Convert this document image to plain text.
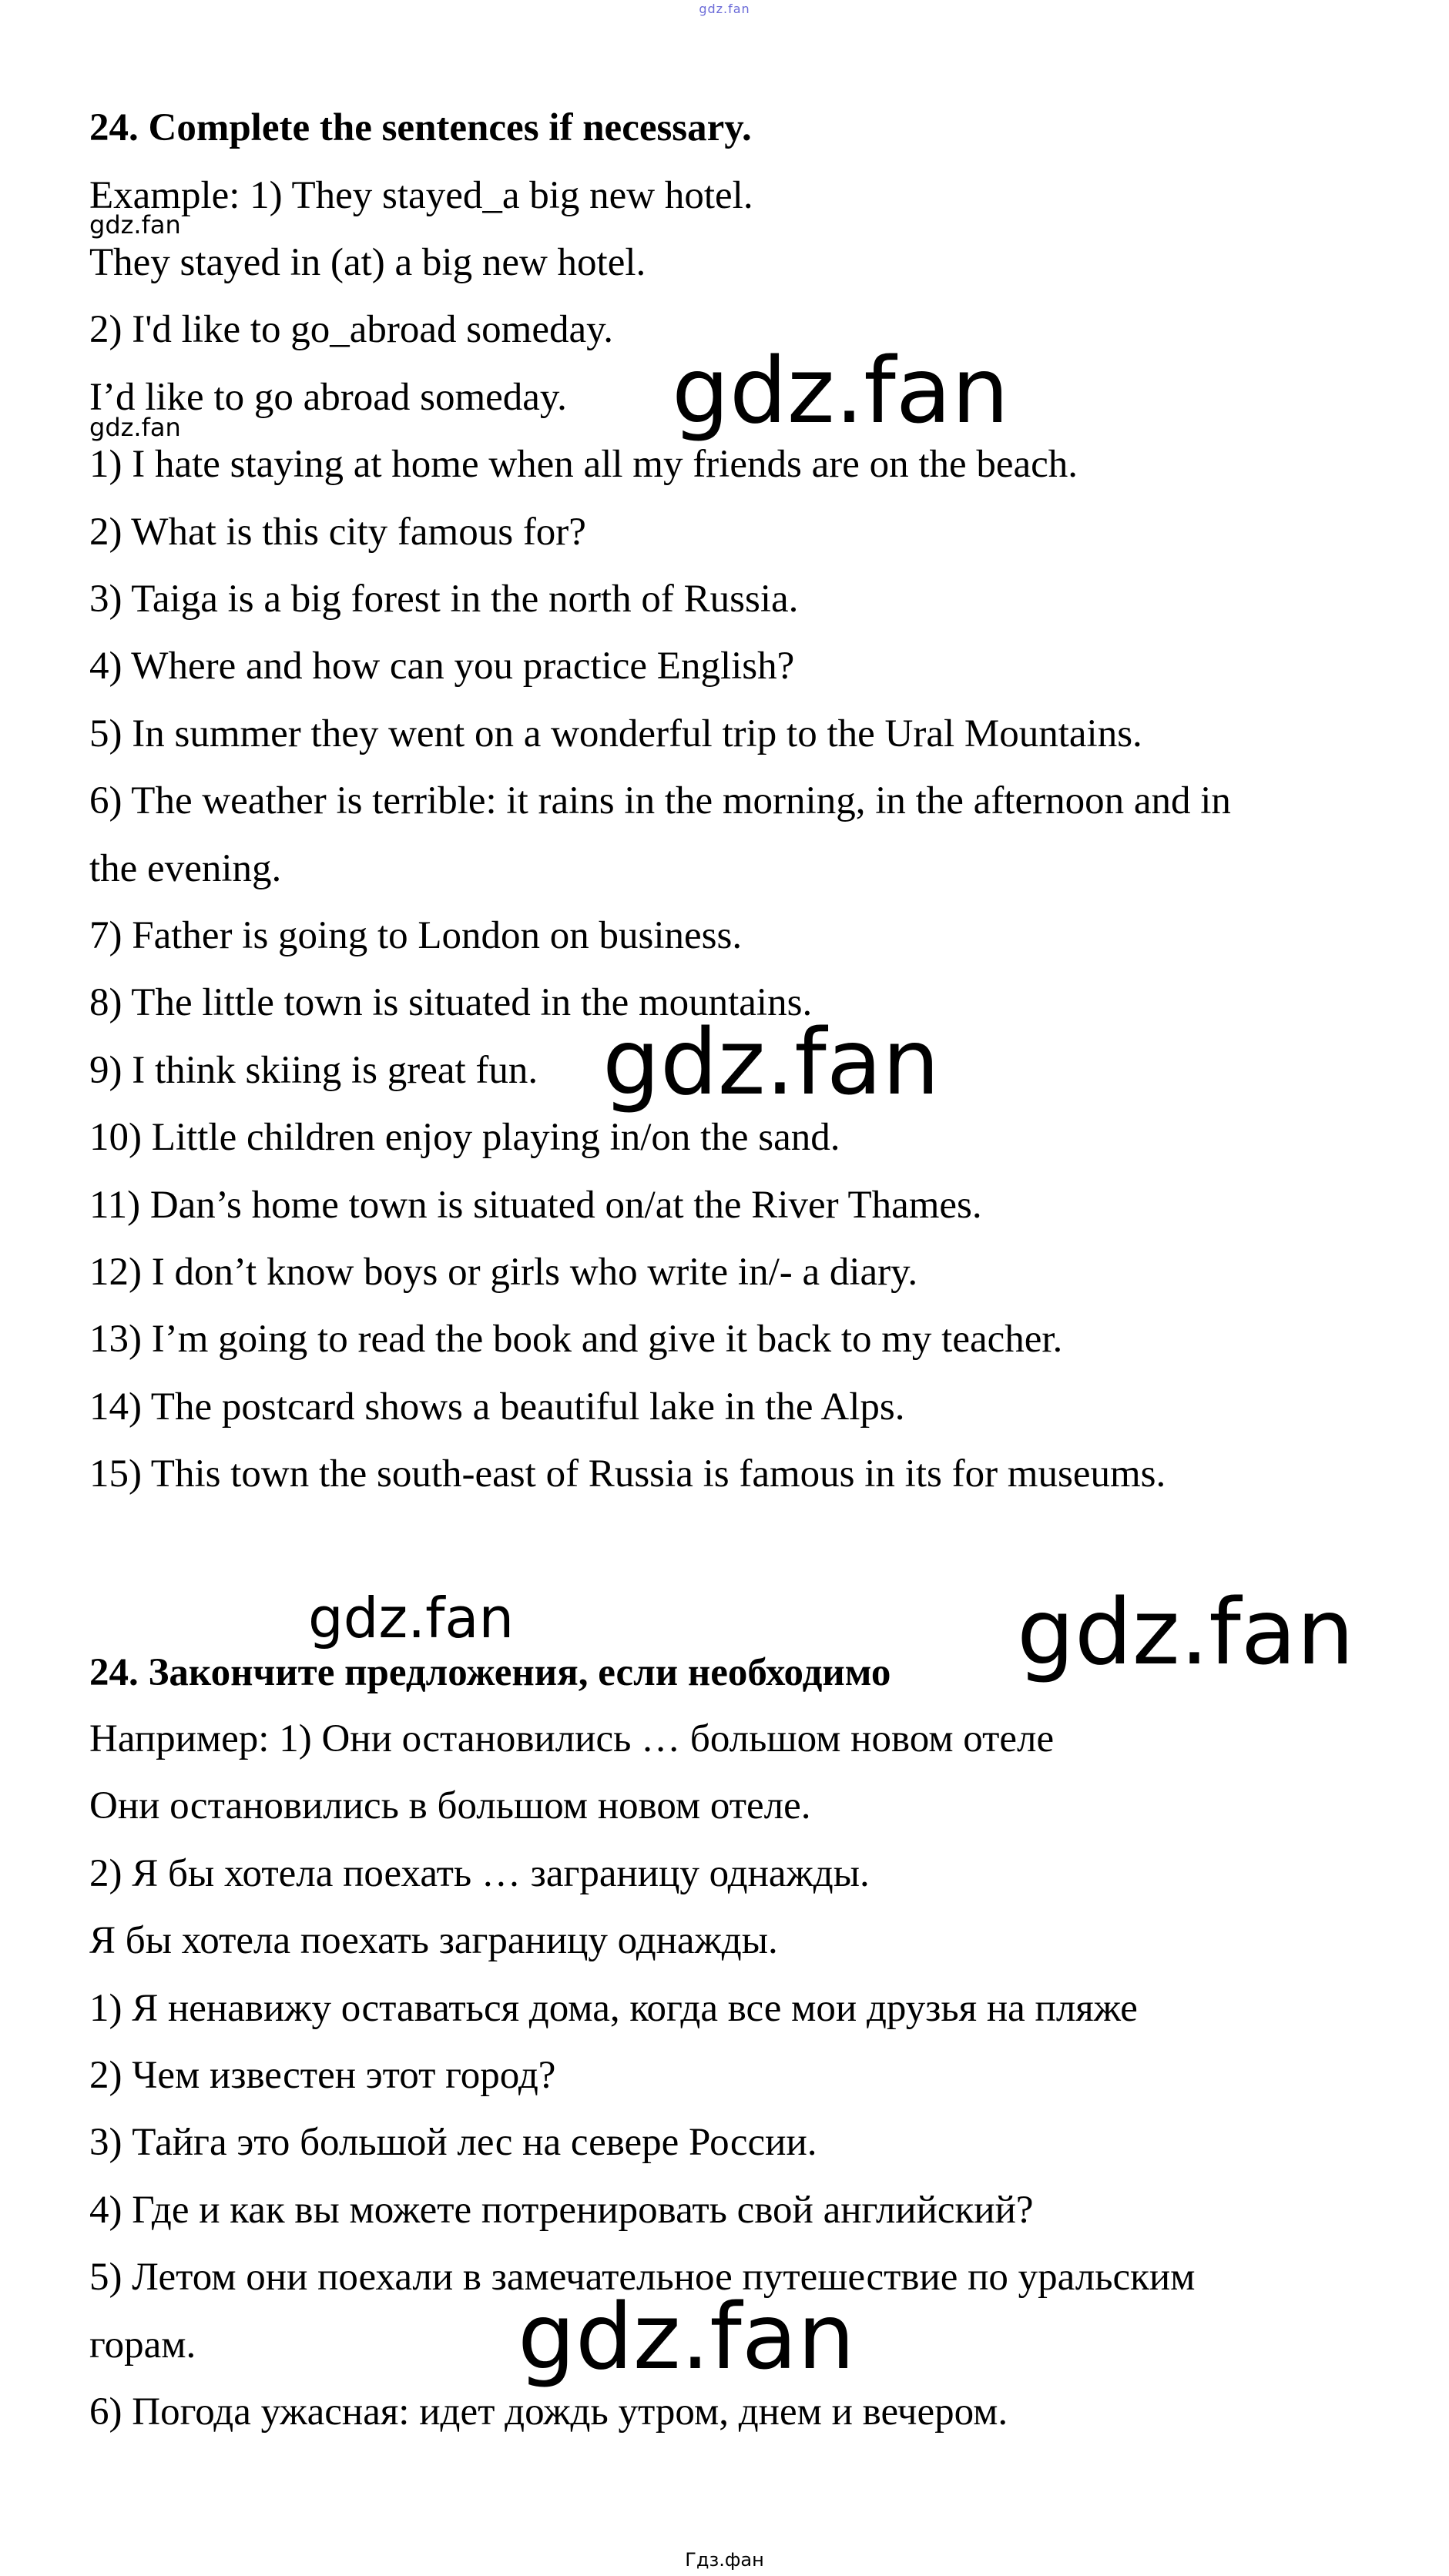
gdz.fan
24. Complete the sentences if necessary.
Example: 1) They stayed_a big new hotel.
They stayed in (at) a big new hotel.
2) I'd like to go_abroad someday.
I’d like to go abroad someday.
1) I hate staying at home when all my friends are on the beach.
2) What is this city famous for?
3) Taiga is a big forest in the north of Russia.
4) Where and how can you practice English?
5) In summer they went on a wonderful trip to the Ural Mountains.
6) The weather is terrible: it rains in the morning, in the afternoon and in
the evening.
7) Father is going to London on business.
8) The little town is situated in the mountains.
9) I think skiing is great fun.
10) Little children enjoy playing in/on the sand.
11) Dan’s home town is situated on/at the River Thames.
12) I don’t know boys or girls who write in/- a diary.
13) I’m going to read the book and give it back to my teacher.
14) The postcard shows a beautiful lake in the Alps.
15) This town the south-east of Russia is famous in its for museums.
24. Закончите предложения, если необходимо
Например: 1) Они остановились … большом новом отеле
Они остановились в большом новом отеле.
2) Я бы хотела поехать … заграницу однажды.
Я бы хотела поехать заграницу однажды.
1) Я ненавижу оставаться дома, когда все мои друзья на пляже
2) Чем известен этот город?
3) Тайга это большой лес на севере России.
4) Где и как вы можете потренировать свой английский?
5) Летом они поехали в замечательное путешествие по уральским
горам.
6) Погода ужасная: идет дождь утром, днем и вечером.
gdz.fan
gdz.fan	gdz.fan
gdz.fan
gdz.fan	gdz.fan
gdz.fan
Гдз.фан
